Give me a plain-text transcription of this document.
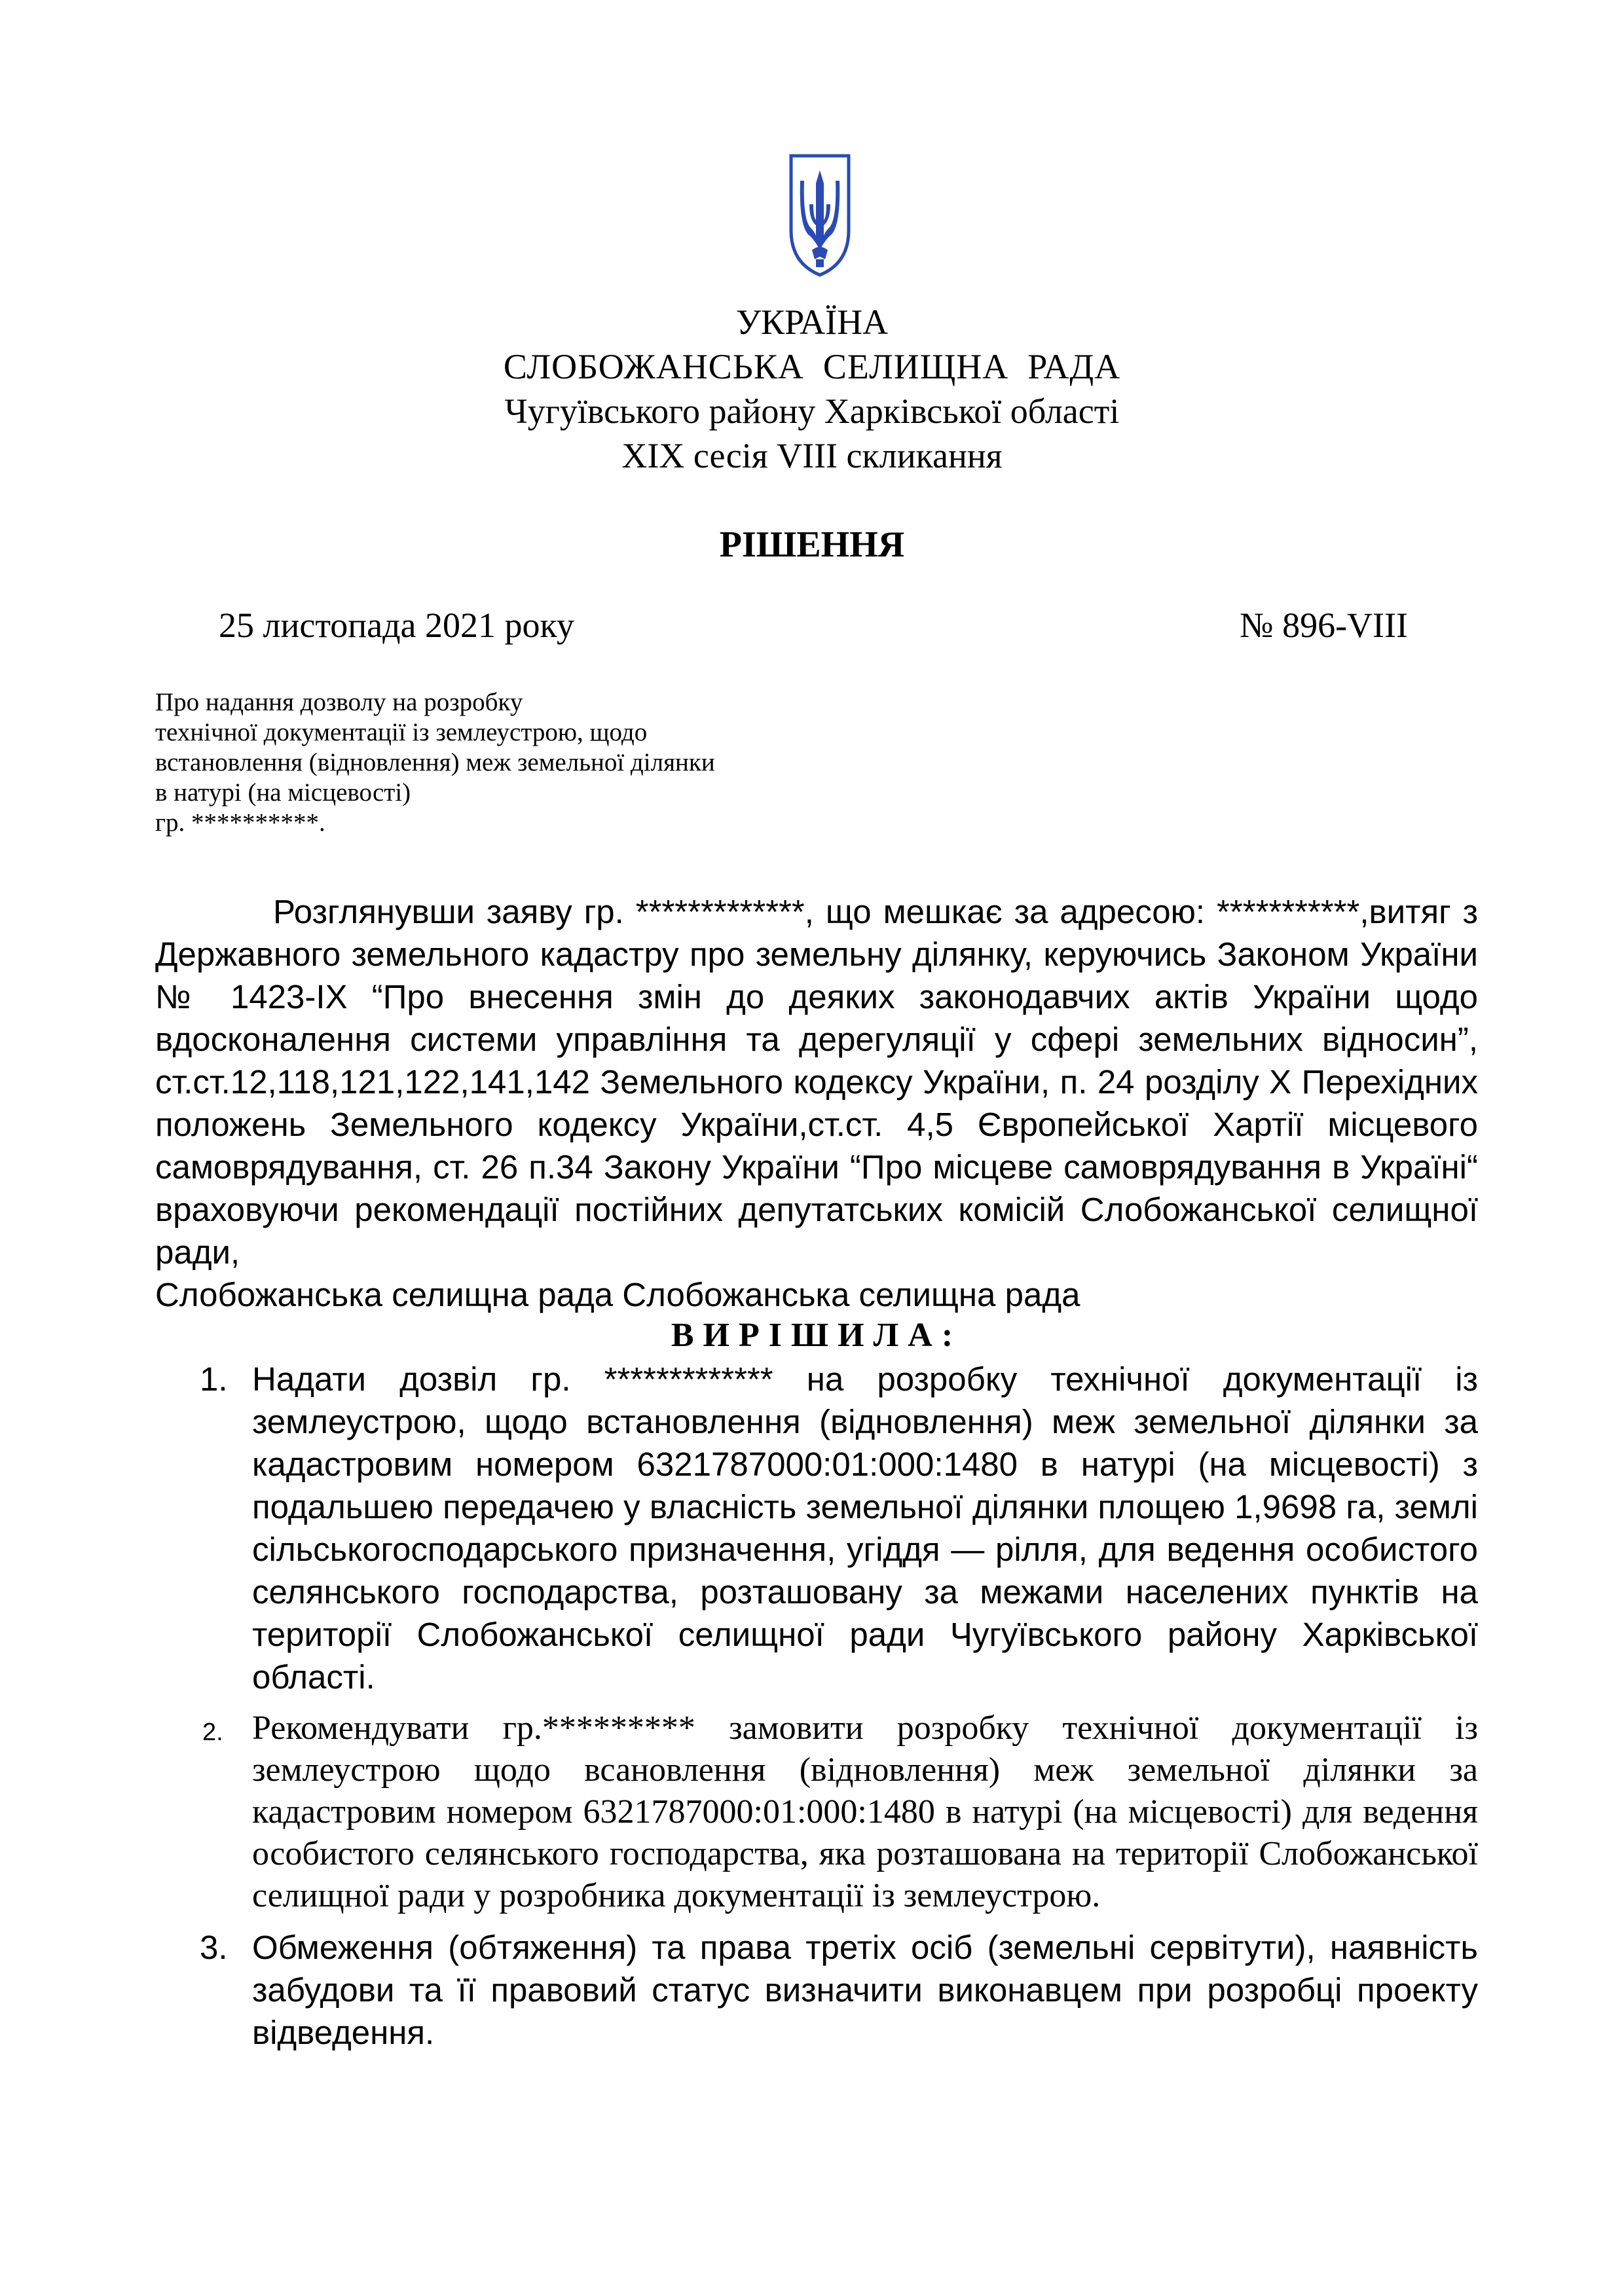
УКРАЇНА
СЛОБОЖАНСЬКА  СЕЛИЩНА  РАДА
Чугуївського району Харківської області
XIX сесія VIII скликання
РІШЕННЯ
25 листопада 2021 року	№ 896-VIII
Про надання дозволу на розробку
технічної документації із землеустрою, щодо
встановлення (відновлення) меж земельної ділянки
в натурі (на місцевості)
гр. **********.

Розглянувши заяву гр. *************, що мешкає за адресою: ***********,витяг з Державного земельного кадастру про земельну ділянку, керуючись Законом України № 1423-IX “Про внесення змін до деяких законодавчих актів України щодо вдосконалення системи управління та дерегуляції у сфері земельних відносин”, ст.ст.12,118,121,122,141,142 Земельного кодексу України, п. 24 розділу Х Перехідних положень Земельного кодексу України,ст.ст. 4,5 Європейської Хартії місцевого самоврядування, ст. 26 п.34 Закону України “Про місцеве самоврядування в Україні“ враховуючи рекомендації постійних депутатських комісій Слобожанської селищної ради,

Слобожанська селищна рада Слобожанська селищна рада

ВИРІШИЛА:

1. Надати дозвіл гр. ************* на розробку технічної документації із землеустрою, щодо встановлення (відновлення) меж земельної ділянки за кадастровим номером 6321787000:01:000:1480 в натурі (на місцевості) з подальшею передачею у власність земельної ділянки площею 1,9698 га, землі сільськогосподарського призначення, угіддя — рілля, для ведення особистого селянського господарства, розташовану за межами населених пунктів на території Слобожанської селищної ради Чугуївського району Харківської області.
2. Рекомендувати гр.********* замовити розробку технічної документації із землеустрою щодо всановлення (відновлення) меж земельної ділянки за кадастровим номером 6321787000:01:000:1480 в натурі (на місцевості) для ведення особистого селянського господарства, яка розташована на території Слобожанської селищної ради у розробника документації із землеустрою.
3. Обмеження (обтяження) та права третіх осіб (земельні сервітути), наявність забудови та її правовий статус визначити виконавцем при розробці проекту відведення.
